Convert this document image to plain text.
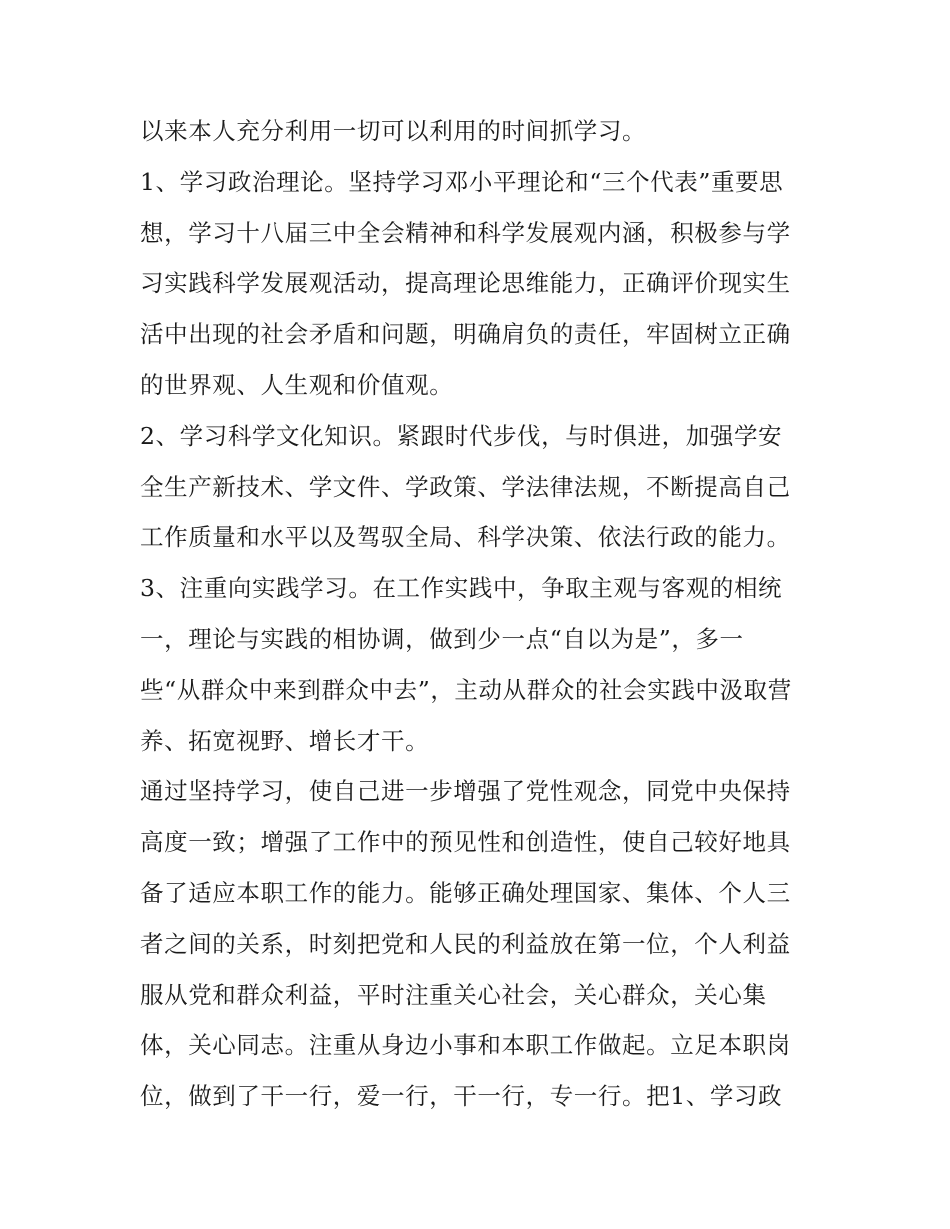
以来本人充分利用一切可以利用的时间抓学习。
1、学习政治理论。坚持学习邓小平理论和“三个代表”重要思
想，学习十八届三中全会精神和科学发展观内涵，积极参与学
习实践科学发展观活动，提高理论思维能力，正确评价现实生
活中出现的社会矛盾和问题，明确肩负的责任，牢固树立正确
的世界观、人生观和价值观。
2、学习科学文化知识。紧跟时代步伐，与时俱进，加强学安
全生产新技术、学文件、学政策、学法律法规，不断提高自己
工作质量和水平以及驾驭全局、科学决策、依法行政的能力。
3、注重向实践学习。在工作实践中，争取主观与客观的相统
一，理论与实践的相协调，做到少一点“自以为是”，多一
些“从群众中来到群众中去”，主动从群众的社会实践中汲取营
养、拓宽视野、增长才干。
通过坚持学习，使自己进一步增强了党性观念，同党中央保持
高度一致；增强了工作中的预见性和创造性，使自己较好地具
备了适应本职工作的能力。能够正确处理国家、集体、个人三
者之间的关系，时刻把党和人民的利益放在第一位，个人利益
服从党和群众利益，平时注重关心社会，关心群众，关心集
体，关心同志。注重从身边小事和本职工作做起。立足本职岗
位，做到了干一行，爱一行，干一行，专一行。把1、学习政
